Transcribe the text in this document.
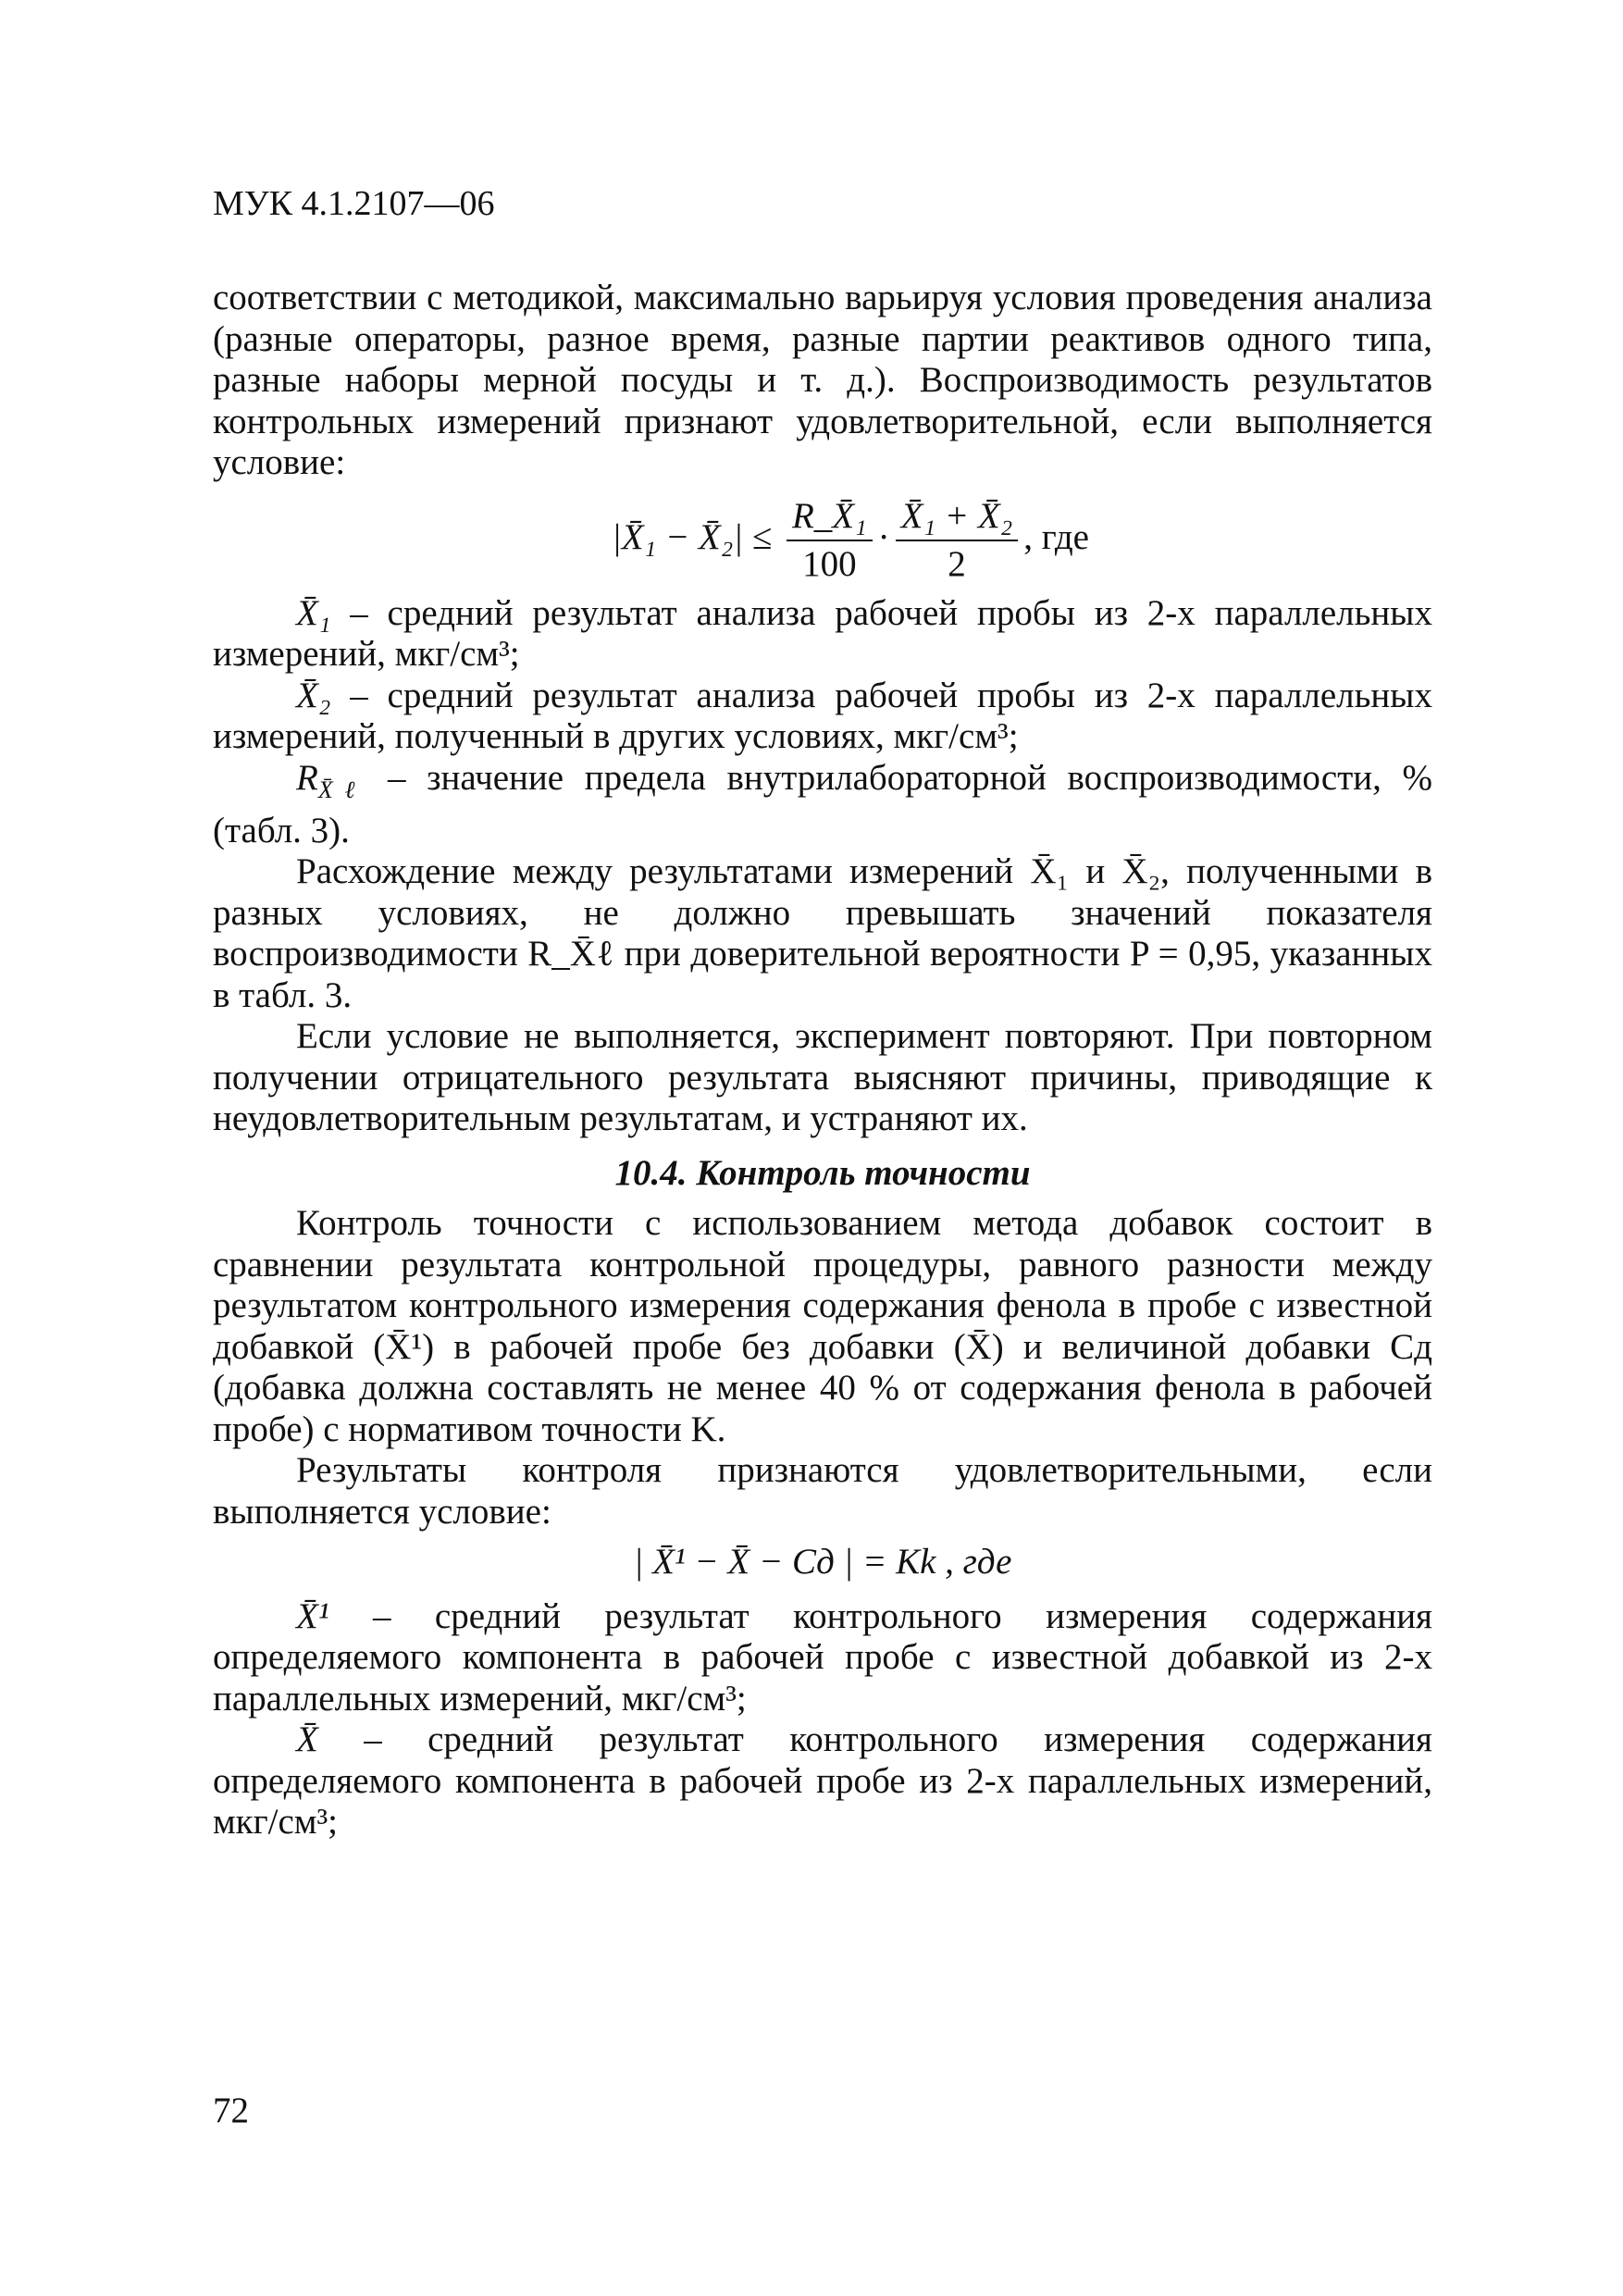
МУК 4.1.2107—06

соответствии с методикой, максимально варьируя условия проведения анализа (разные операторы, разное время, разные партии реактивов одного типа, разные наборы мерной посуды и т. д.). Воспроизводимость результатов контрольных измерений признают удовлетворительной, если выполняется условие:

|X̄₁ − X̄₂| ≤ $\frac{\text{R\_X̄₁}}{100} \cdot \frac{\text{X̄₁ + X̄₂}}{2}$ , где

X̄₁ – средний результат анализа рабочей пробы из 2-х параллельных измерений, мкг/см³;

X̄₂ – средний результат анализа рабочей пробы из 2-х параллельных измерений, полученный в других условиях, мкг/см³;

$R_{X̄\ell}$ – значение предела внутрилабораторной воспроизводимости, % (табл. 3).

Расхождение между результатами измерений X̄₁ и X̄₂, полученными в разных условиях, не должно превышать значений показателя воспроизводимости R_X̄ℓ при доверительной вероятности P = 0,95, указанных в табл. 3.

Если условие не выполняется, эксперимент повторяют. При повторном получении отрицательного результата выясняют причины, приводящие к неудовлетворительным результатам, и устраняют их.

10.4. Контроль точности

Контроль точности с использованием метода добавок состоит в сравнении результата контрольной процедуры, равного разности между результатом контрольного измерения содержания фенола в пробе с известной добавкой (X̄¹) в рабочей пробе без добавки (X̄) и величиной добавки Cд (добавка должна составлять не менее 40 % от содержания фенола в рабочей пробе) с нормативом точности K.

Результаты контроля признаются удовлетворительными, если выполняется условие:

| X̄¹ − X̄ − Cд | = Kk , где

X̄¹ – средний результат контрольного измерения содержания определяемого компонента в рабочей пробе с известной добавкой из 2-х параллельных измерений, мкг/см³;

X̄ – средний результат контрольного измерения содержания определяемого компонента в рабочей пробе из 2-х параллельных измерений, мкг/см³;

72
